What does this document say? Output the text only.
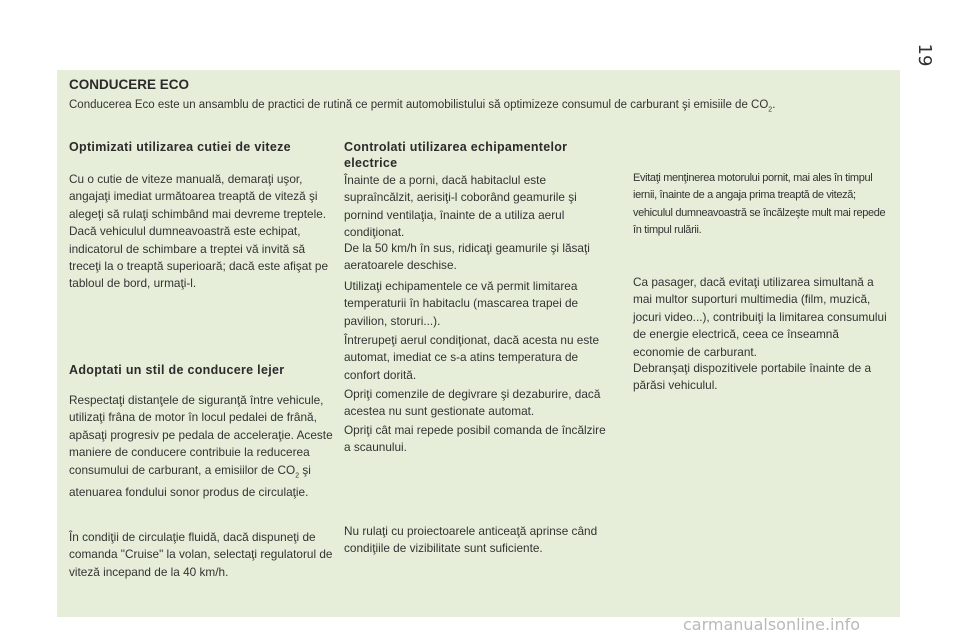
19
CONDUCERE ECO
Conducerea Eco este un ansamblu de practici de rutină ce permit automobilistului să optimizeze consumul de carburant şi emisiile de $CO_2$.
Optimizati utilizarea cutiei de viteze
Cu o cutie de viteze manuală, demaraţi uşor, angajaţi imediat următoarea treaptă de viteză şi alegeţi să rulaţi schimbând mai devreme treptele. Dacă vehiculul dumneavoastră este echipat, indicatorul de schimbare a treptei vă invită să treceţi la o treaptă superioară; dacă este afişat pe tabloul de bord, urmaţi-l.
Adoptati un stil de conducere lejer
Respectaţi distanţele de siguranţă între vehicule, utilizaţi frâna de motor în locul pedalei de frână, apăsaţi progresiv pe pedala de acceleraţie. Aceste maniere de conducere contribuie la reducerea consumului de carburant, a emisiilor de $CO_2$ şi atenuarea fondului sonor produs de circulaţie.
În condiţii de circulaţie fluidă, dacă dispuneţi de comanda "Cruise" la volan, selectaţi regulatorul de viteză incepand de la 40 km/h.
Controlati utilizarea echipamentelor electrice
Înainte de a porni, dacă habitaclul este supraîncălzit, aerisiţi-l coborând geamurile şi pornind ventilaţia, înainte de a utiliza aerul condiţionat.
De la 50 km/h în sus, ridicaţi geamurile şi lăsaţi aeratoarele deschise.
Utilizaţi echipamentele ce vă permit limitarea temperaturii în habitaclu (mascarea trapei de pavilion, storuri...).
Întrerupeţi aerul condiţionat, dacă acesta nu este automat, imediat ce s-a atins temperatura de confort dorită.
Opriţi comenzile de degivrare şi dezaburire, dacă acestea nu sunt gestionate automat.
Opriţi cât mai repede posibil comanda de încălzire a scaunului.
Nu rulaţi cu proiectoarele anticeaţă aprinse când condiţiile de vizibilitate sunt suficiente.
Evitaţi menţinerea motorului pornit, mai ales în timpul iernii, înainte de a angaja prima treaptă de viteză; vehiculul dumneavoastră se încălzeşte mult mai repede în timpul rulării.
Ca pasager, dacă evitaţi utilizarea simultană a mai multor suporturi multimedia (film, muzică, jocuri video...), contribuiţi la limitarea consumului de energie electrică, ceea ce înseamnă economie de carburant.
Debranşaţi dispozitivele portabile înainte de a părăsi vehiculul.
carmanualsonline.info
